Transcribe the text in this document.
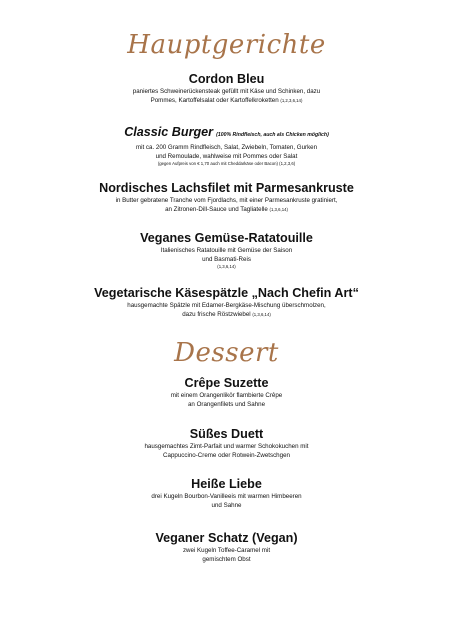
Hauptgerichte
Cordon Bleu
paniertes Schweinerückensteak gefüllt mit Käse und Schinken, dazu
Pommes, Kartoffelsalat oder Kartoffelkroketten (1,2,3,6,14)
Classic Burger (100% Rindfleisch, auch als Chicken möglich)
mit ca. 200 Gramm Rindfleisch, Salat, Zwiebeln, Tomaten, Gurken
und Remoulade, wahlweise mit Pommes oder Salat
(gegen Aufpreis von € 1,70 auch mit Cheddarkäse oder Bacon) (1,2,3,6)
Nordisches Lachsfilet mit Parmesankruste
in Butter gebratene Tranche vom Fjordlachs, mit einer Parmesankruste gratiniert,
an Zitronen-Dill-Sauce und Tagliatelle (1,3,6,14)
Veganes Gemüse-Ratatouille
Italienisches Ratatouille mit Gemüse der Saison
und Basmati-Reis
(1,3,6,14)
Vegetarische Käsespätzle „Nach Chefin Art“
hausgemachte Spätzle mit Edamer-Bergkäse-Mischung überschmolzen,
dazu frische Röstzwiebel (1,3,6,14)
Dessert
Crêpe Suzette
mit einem Orangenlikör flambierte Crêpe
an Orangenfilets und Sahne
Süßes Duett
hausgemachtes Zimt-Parfait und warmer Schokokuchen mit
Cappuccino-Creme oder Rotwein-Zwetschgen
Heiße Liebe
drei Kugeln Bourbon-Vanilleeis mit warmen Himbeeren
und Sahne
Veganer Schatz (Vegan)
zwei Kugeln Toffee-Caramel mit
gemischtem Obst
